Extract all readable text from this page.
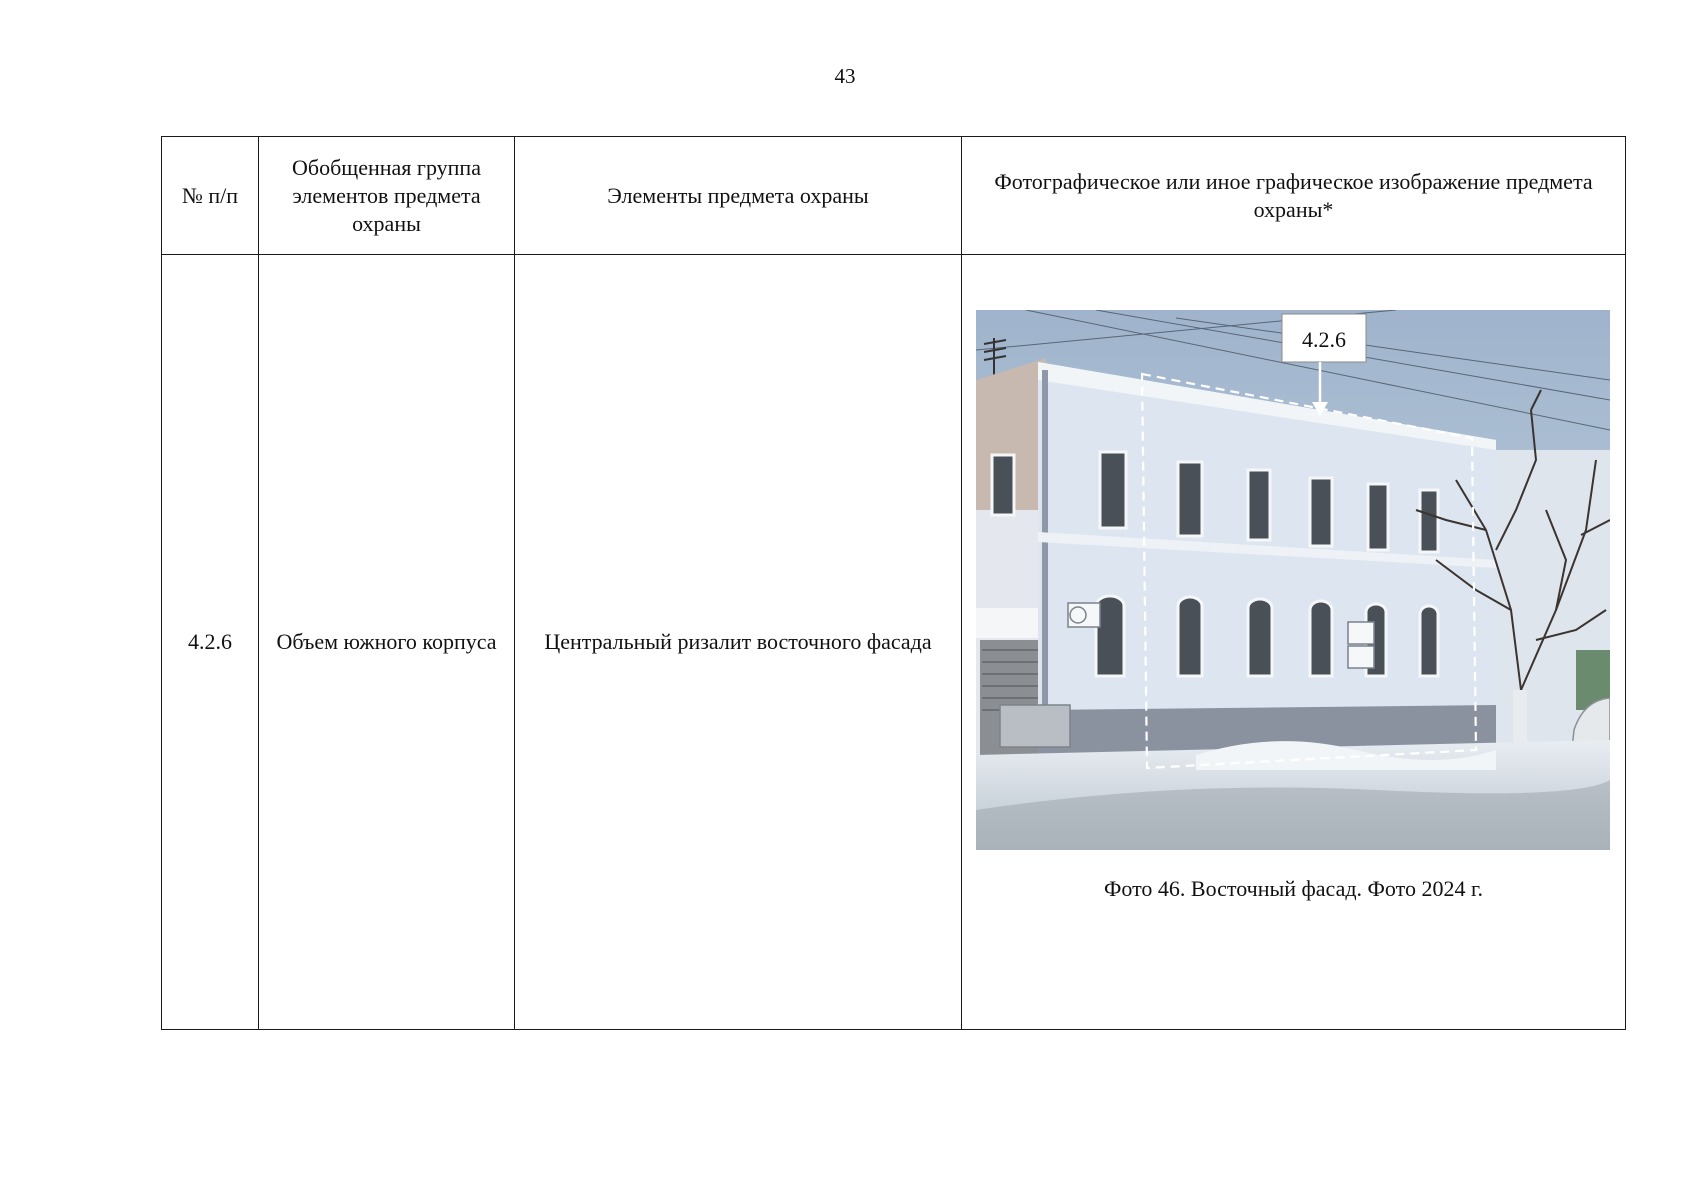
43
№ п/п	Обобщенная группа элементов предмета охраны	Элементы предмета охраны	Фотографическое или иное графическое изображение предмета охраны*
4.2.6	Объем южного корпуса	Центральный ризалит восточного фасада	4.2.6
Фото 46. Восточный фасад. Фото 2024 г.
